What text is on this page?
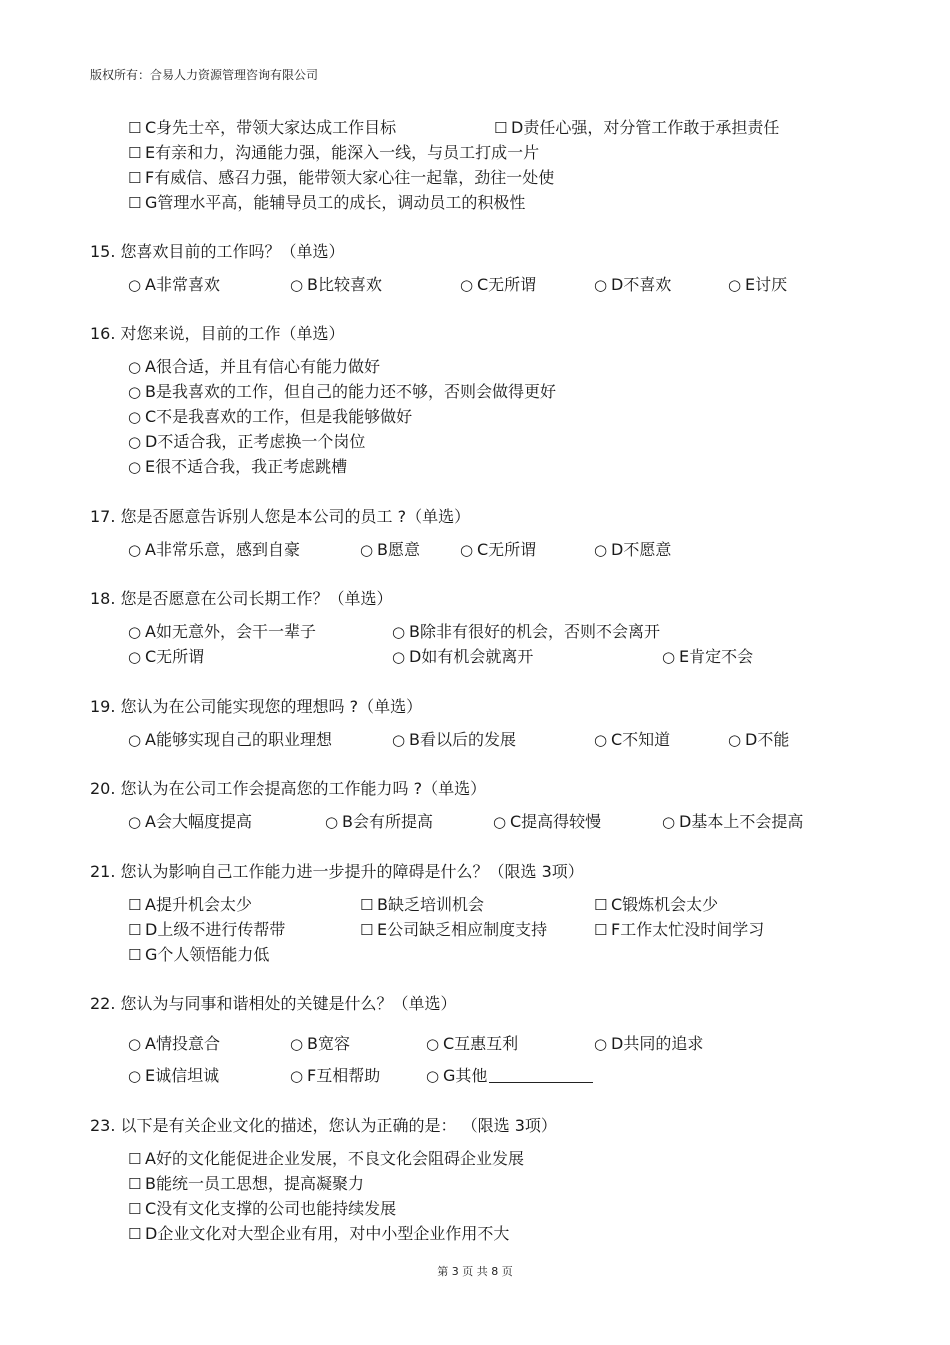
版权所有：合易人力资源管理咨询有限公司
☐ C身先士卒，带领大家达成工作目标	☐ D责任心强，对分管工作敢于承担责任
☐ E有亲和力，沟通能力强，能深入一线，与员工打成一片
☐ F有威信、感召力强，能带领大家心往一起靠，劲往一处使
☐ G管理水平高，能辅导员工的成长，调动员工的积极性
15. 您喜欢目前的工作吗？（单选）
○ A非常喜欢	○ B比较喜欢	○ C无所谓	○ D不喜欢	○ E讨厌
16. 对您来说，目前的工作（单选）
○ A很合适，并且有信心有能力做好
○ B是我喜欢的工作，但自己的能力还不够，否则会做得更好
○ C不是我喜欢的工作，但是我能够做好
○ D不适合我，正考虑换一个岗位
○ E很不适合我，我正考虑跳槽
17. 您是否愿意告诉别人您是本公司的员工 ?（单选）
○ A非常乐意，感到自豪	○ B愿意	○ C无所谓	○ D不愿意
18. 您是否愿意在公司长期工作？（单选）
○ A如无意外，会干一辈子	○ B除非有很好的机会，否则不会离开
○ C无所谓	○ D如有机会就离开	○ E肯定不会
19. 您认为在公司能实现您的理想吗 ?（单选）
○ A能够实现自己的职业理想	○ B看以后的发展	○ C不知道	○ D不能
20. 您认为在公司工作会提高您的工作能力吗 ?（单选）
○ A会大幅度提高	○ B会有所提高	○ C提高得较慢	○ D基本上不会提高
21. 您认为影响自己工作能力进一步提升的障碍是什么？（限选 3项）
☐ A提升机会太少	☐ B缺乏培训机会	☐ C锻炼机会太少
☐ D上级不进行传帮带	☐ E公司缺乏相应制度支持	☐ F工作太忙没时间学习
☐ G个人领悟能力低
22. 您认为与同事和谐相处的关键是什么？（单选）
○ A情投意合	○ B宽容	○ C互惠互利	○ D共同的追求
○ E诚信坦诚	○ F互相帮助	○ G其他
23. 以下是有关企业文化的描述，您认为正确的是： （限选 3项）
☐ A好的文化能促进企业发展，不良文化会阻碍企业发展
☐ B能统一员工思想，提高凝聚力
☐ C没有文化支撑的公司也能持续发展
☐ D企业文化对大型企业有用，对中小型企业作用不大
第 3 页 共 8 页
